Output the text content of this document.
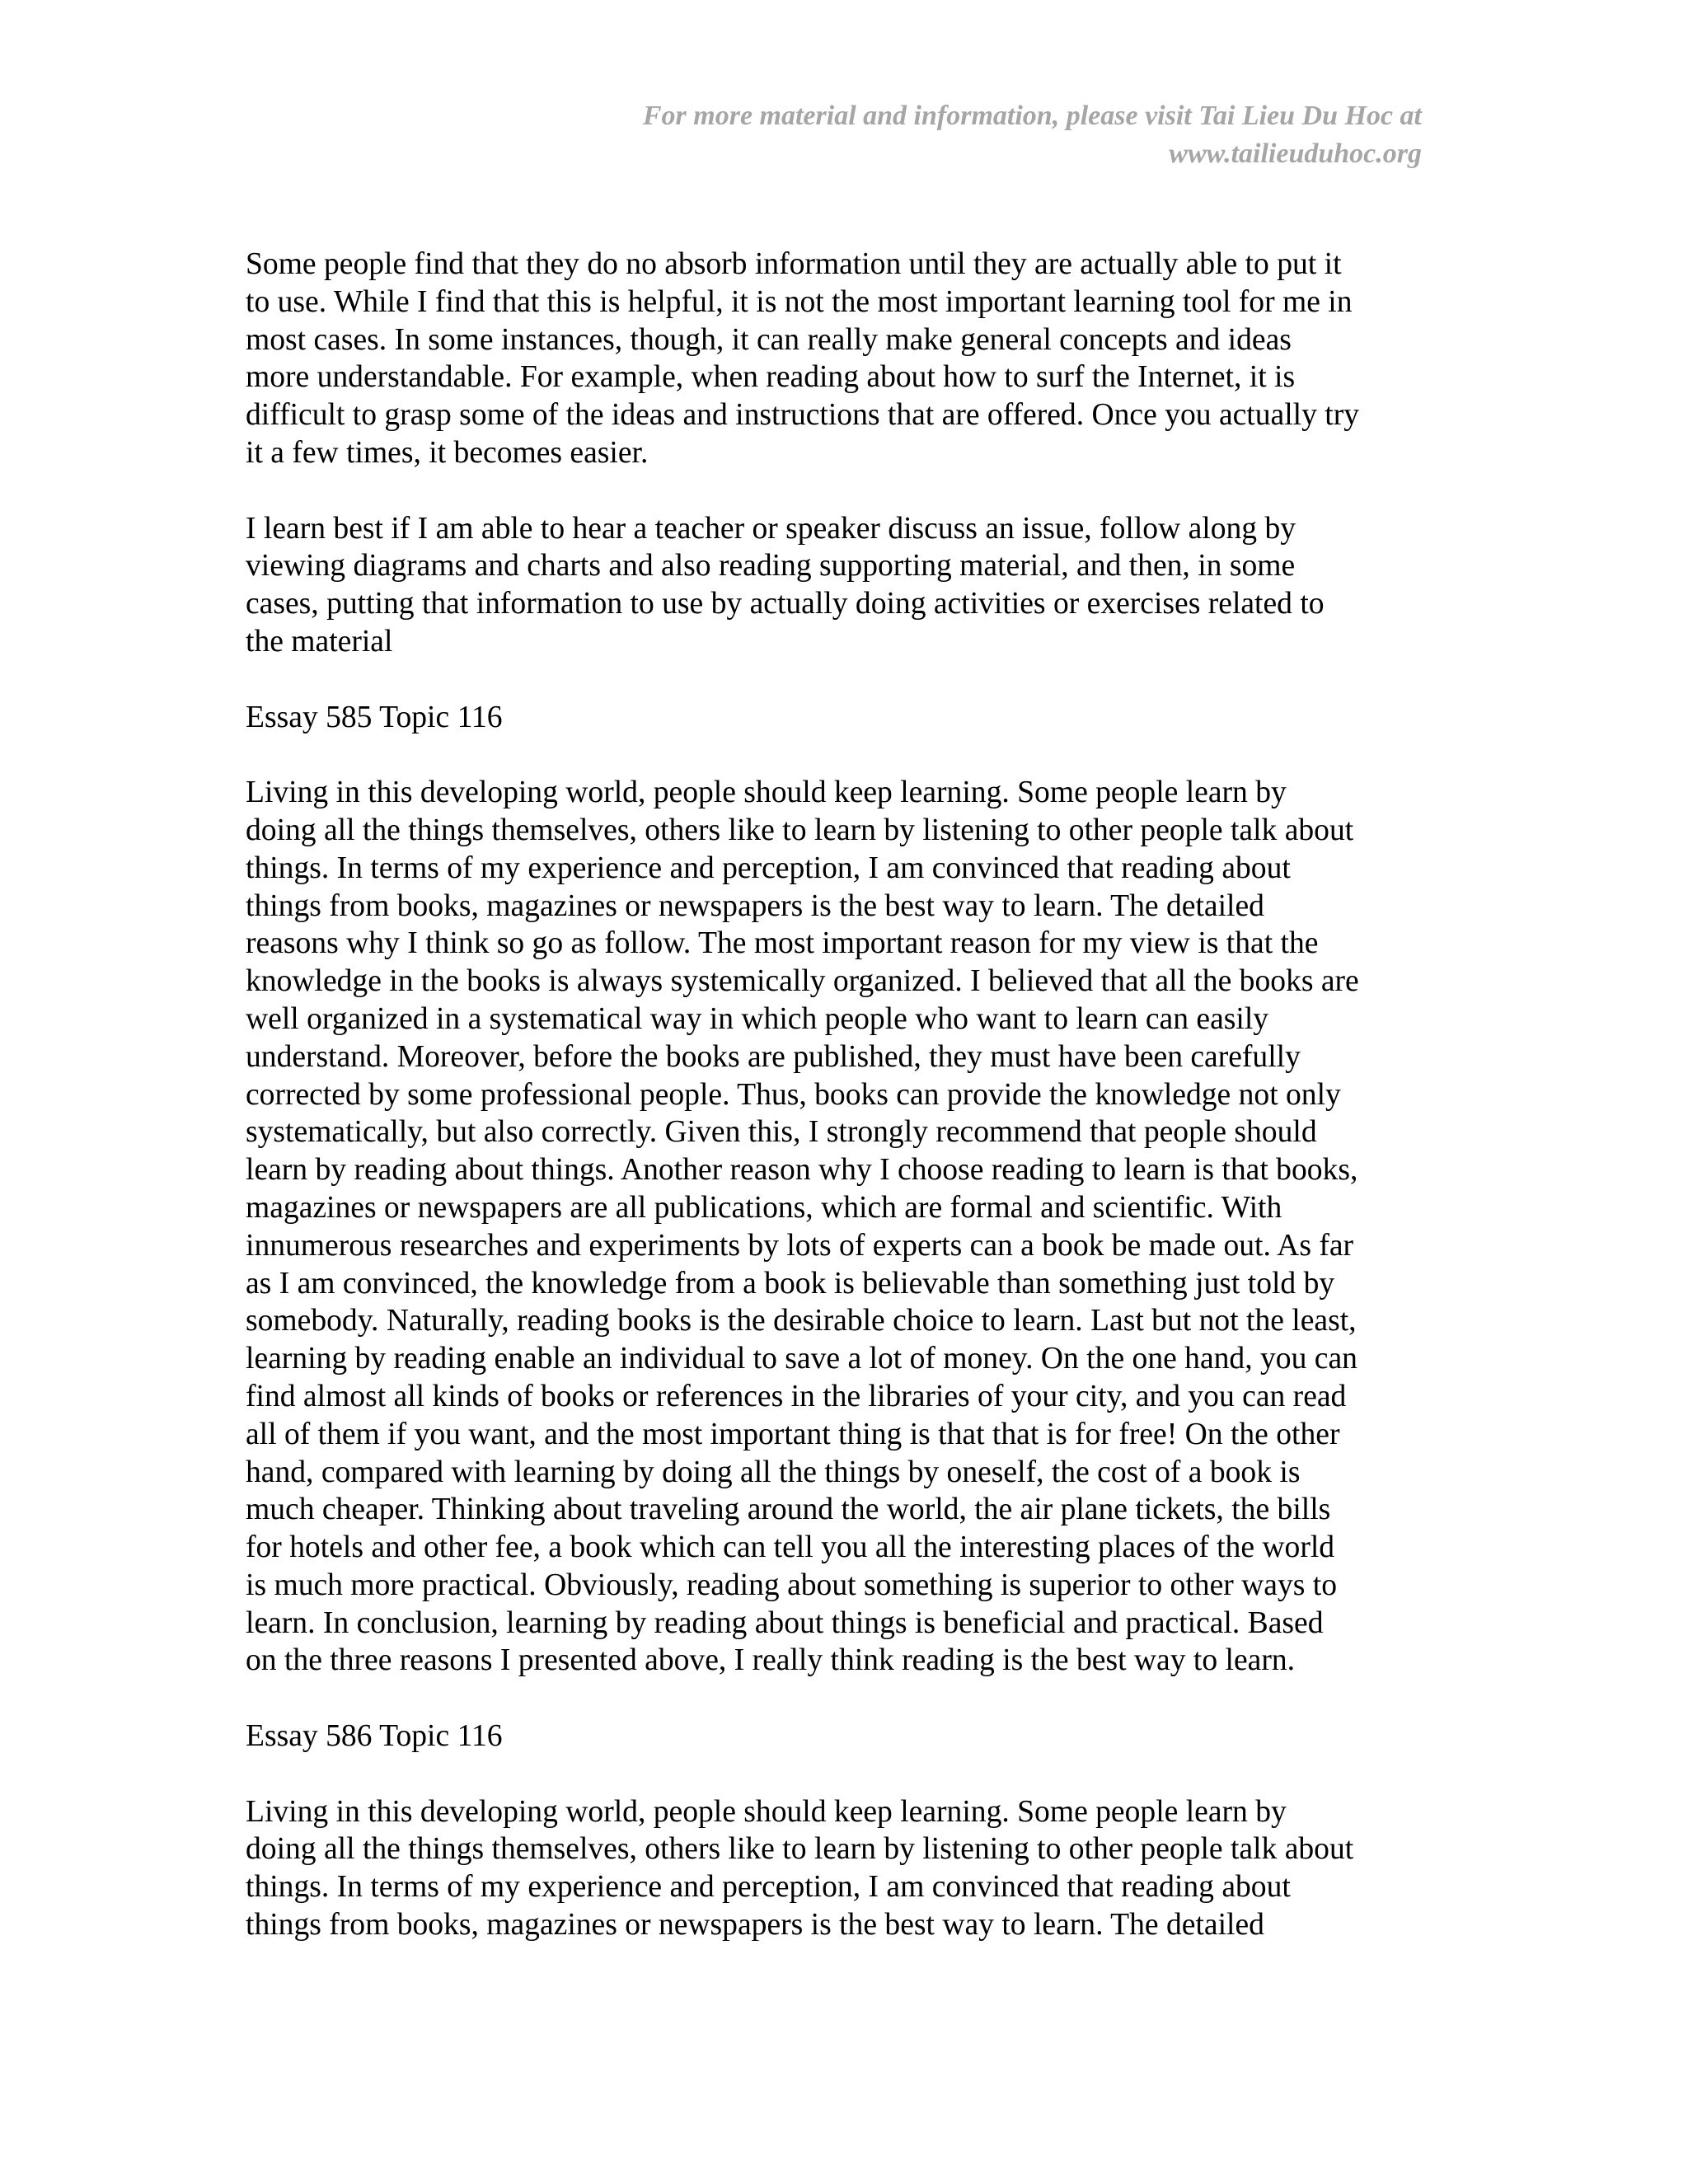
For more material and information, please visit Tai Lieu Du Hoc at
www.tailieuduhoc.org
Some people find that they do no absorb information until they are actually able to put it
to use. While I find that this is helpful, it is not the most important learning tool for me in
most cases. In some instances, though, it can really make general concepts and ideas
more understandable. For example, when reading about how to surf the Internet, it is
difficult to grasp some of the ideas and instructions that are offered. Once you actually try
it a few times, it becomes easier.
I learn best if I am able to hear a teacher or speaker discuss an issue, follow along by
viewing diagrams and charts and also reading supporting material, and then, in some
cases, putting that information to use by actually doing activities or exercises related to
the material
Essay 585 Topic 116
Living in this developing world, people should keep learning. Some people learn by
doing all the things themselves, others like to learn by listening to other people talk about
things. In terms of my experience and perception, I am convinced that reading about
things from books, magazines or newspapers is the best way to learn. The detailed
reasons why I think so go as follow. The most important reason for my view is that the
knowledge in the books is always systemically organized. I believed that all the books are
well organized in a systematical way in which people who want to learn can easily
understand. Moreover, before the books are published, they must have been carefully
corrected by some professional people. Thus, books can provide the knowledge not only
systematically, but also correctly. Given this, I strongly recommend that people should
learn by reading about things. Another reason why I choose reading to learn is that books,
magazines or newspapers are all publications, which are formal and scientific. With
innumerous researches and experiments by lots of experts can a book be made out. As far
as I am convinced, the knowledge from a book is believable than something just told by
somebody. Naturally, reading books is the desirable choice to learn. Last but not the least,
learning by reading enable an individual to save a lot of money. On the one hand, you can
find almost all kinds of books or references in the libraries of your city, and you can read
all of them if you want, and the most important thing is that that is for free! On the other
hand, compared with learning by doing all the things by oneself, the cost of a book is
much cheaper. Thinking about traveling around the world, the air plane tickets, the bills
for hotels and other fee, a book which can tell you all the interesting places of the world
is much more practical. Obviously, reading about something is superior to other ways to
learn. In conclusion, learning by reading about things is beneficial and practical. Based
on the three reasons I presented above, I really think reading is the best way to learn.
Essay 586 Topic 116
Living in this developing world, people should keep learning. Some people learn by
doing all the things themselves, others like to learn by listening to other people talk about
things. In terms of my experience and perception, I am convinced that reading about
things from books, magazines or newspapers is the best way to learn. The detailed
